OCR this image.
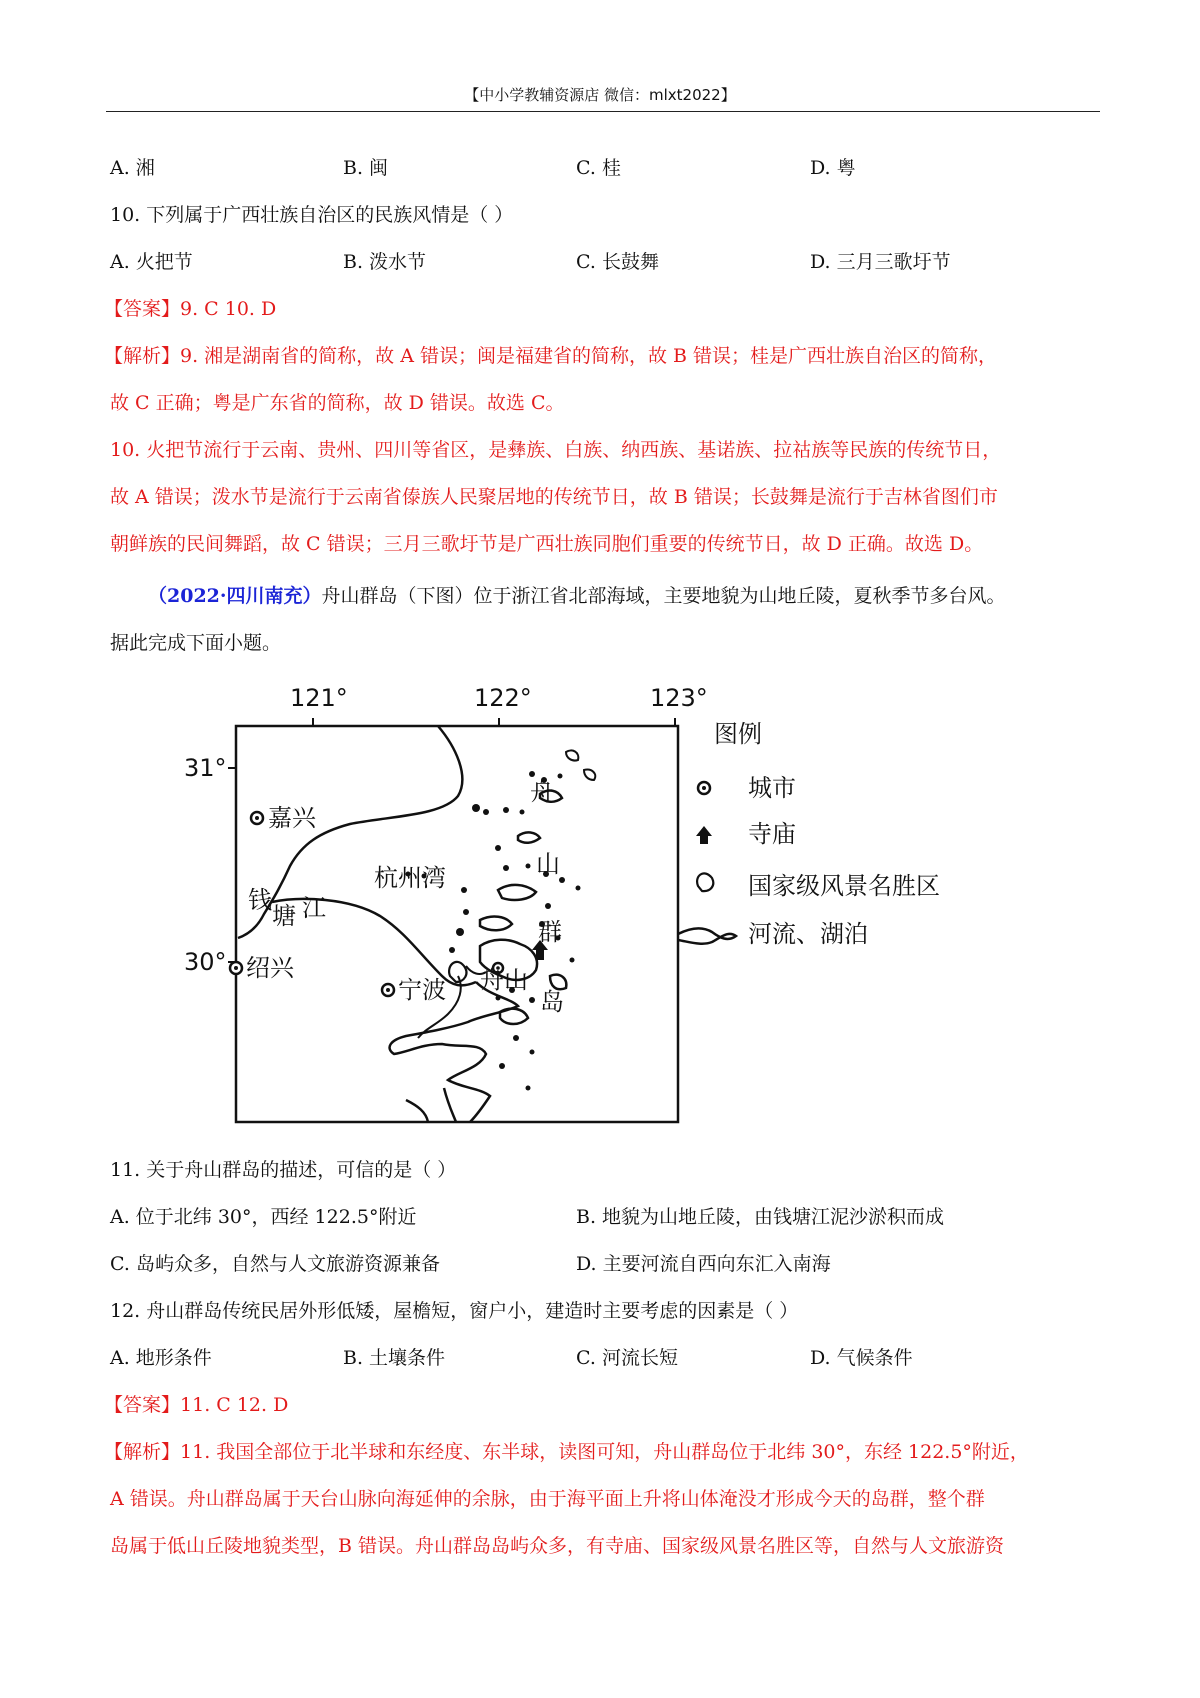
【中小学教辅资源店 微信：mlxt2022】
A. 湘	B. 闽	C. 桂	D. 粤
10. 下列属于广西壮族自治区的民族风情是（ ）
A. 火把节	B. 泼水节	C. 长鼓舞	D. 三月三歌圩节
【答案】9. C 10. D
【解析】9. 湘是湖南省的简称，故 A 错误；闽是福建省的简称，故 B 错误；桂是广西壮族自治区的简称，
故 C 正确；粤是广东省的简称，故 D 错误。故选 C。
10. 火把节流行于云南、贵州、四川等省区，是彝族、白族、纳西族、基诺族、拉祜族等民族的传统节日，
故 A 错误；泼水节是流行于云南省傣族人民聚居地的传统节日，故 B 错误；长鼓舞是流行于吉林省图们市
朝鲜族的民间舞蹈，故 C 错误；三月三歌圩节是广西壮族同胞们重要的传统节日，故 D 正确。故选 D。
（2022·四川南充）舟山群岛（下图）位于浙江省北部海域，主要地貌为山地丘陵，夏秋季节多台风。
据此完成下面小题。
121°	122°	123°
31°
30°
嘉兴
绍兴
宁波 舟山
杭州湾
钱
塘 江
舟
山
群
岛
图例
城市
寺庙
国家级风景名胜区
河流、湖泊
11. 关于舟山群岛的描述，可信的是（ ）
A. 位于北纬 30°，西经 122.5°附近	B. 地貌为山地丘陵，由钱塘江泥沙淤积而成
C. 岛屿众多，自然与人文旅游资源兼备	D. 主要河流自西向东汇入南海
12. 舟山群岛传统民居外形低矮，屋檐短，窗户小，建造时主要考虑的因素是（ ）
A. 地形条件	B. 土壤条件	C. 河流长短	D. 气候条件
【答案】11. C 12. D
【解析】11. 我国全部位于北半球和东经度、东半球，读图可知，舟山群岛位于北纬 30°，东经 122.5°附近，
A 错误。舟山群岛属于天台山脉向海延伸的余脉，由于海平面上升将山体淹没才形成今天的岛群，整个群
岛属于低山丘陵地貌类型，B 错误。舟山群岛岛屿众多，有寺庙、国家级风景名胜区等，自然与人文旅游资
